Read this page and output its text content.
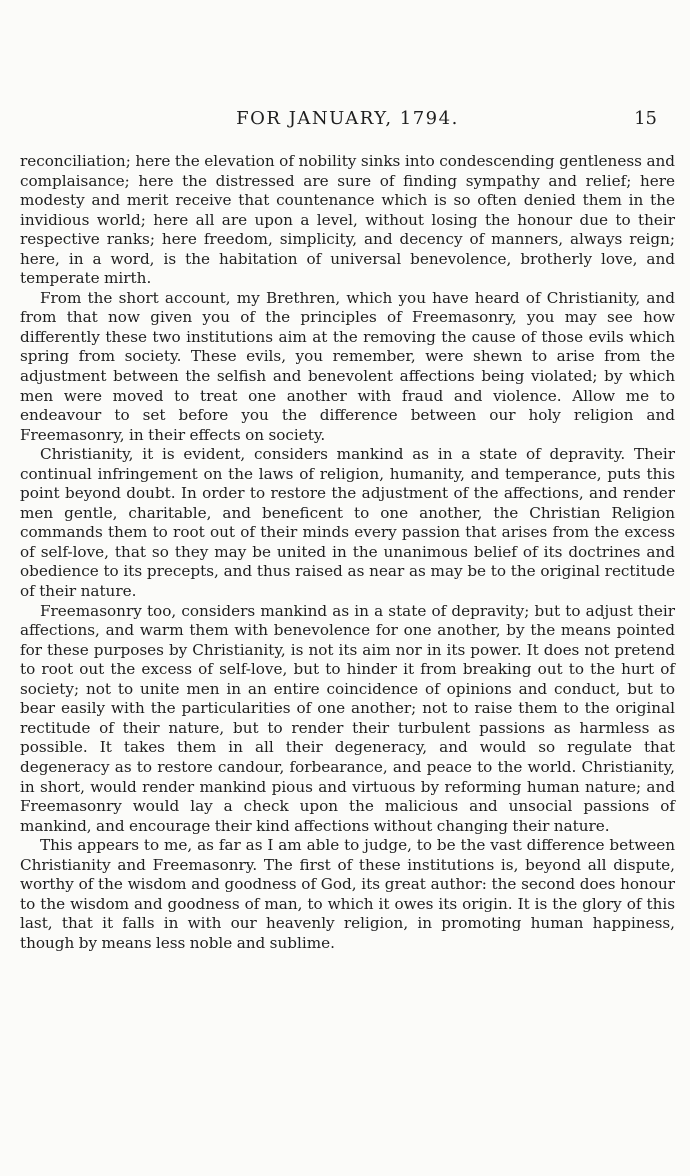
FOR JANUARY, 1794.	15

reconciliation; here the elevation of nobility sinks into condescending gentleness and complaisance; here the distressed are sure of finding sympathy and relief; here modesty and merit receive that countenance which is so often denied them in the invidious world; here all are upon a level, without losing the honour due to their respective ranks; here freedom, simplicity, and decency of manners, always reign; here, in a word, is the habitation of universal benevolence, brotherly love, and temperate mirth.

From the short account, my Brethren, which you have heard of Christianity, and from that now given you of the principles of Freemasonry, you may see how differently these two institutions aim at the removing the cause of those evils which spring from society. These evils, you remember, were shewn to arise from the adjustment between the selfish and benevolent affections being violated; by which men were moved to treat one another with fraud and violence. Allow me to endeavour to set before you the difference between our holy religion and Freemasonry, in their effects on society.

Christianity, it is evident, considers mankind as in a state of depravity. Their continual infringement on the laws of religion, humanity, and temperance, puts this point beyond doubt. In order to restore the adjustment of the affections, and render men gentle, charitable, and beneficent to one another, the Christian Religion commands them to root out of their minds every passion that arises from the excess of self-love, that so they may be united in the unanimous belief of its doctrines and obedience to its precepts, and thus raised as near as may be to the original rectitude of their nature.

Freemasonry too, considers mankind as in a state of depravity; but to adjust their affections, and warm them with benevolence for one another, by the means pointed for these purposes by Christianity, is not its aim nor in its power. It does not pretend to root out the excess of self-love, but to hinder it from breaking out to the hurt of society; not to unite men in an entire coincidence of opinions and conduct, but to bear easily with the particularities of one another; not to raise them to the original rectitude of their nature, but to render their turbulent passions as harmless as possible. It takes them in all their degeneracy, and would so regulate that degeneracy as to restore candour, forbearance, and peace to the world. Christianity, in short, would render mankind pious and virtuous by reforming human nature; and Freemasonry would lay a check upon the malicious and unsocial passions of mankind, and encourage their kind affections without changing their nature.

This appears to me, as far as I am able to judge, to be the vast difference between Christianity and Freemasonry. The first of these institutions is, beyond all dispute, worthy of the wisdom and goodness of God, its great author: the second does honour to the wisdom and goodness of man, to which it owes its origin. It is the glory of this last, that it falls in with our heavenly religion, in promoting human happiness, though by means less noble and sublime.
